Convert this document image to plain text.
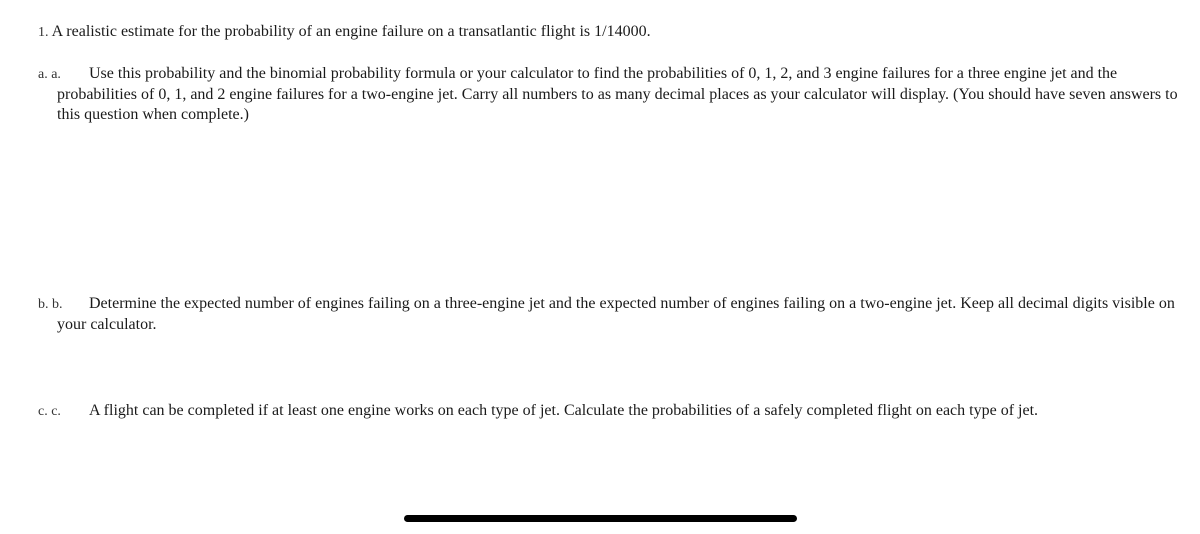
1. A realistic estimate for the probability of an engine failure on a transatlantic flight is 1/14000.
a. a.	Use this probability and the binomial probability formula or your calculator to find the probabilities of 0, 1, 2, and 3 engine failures for a three engine jet and the probabilities of 0, 1, and 2 engine failures for a two-engine jet. Carry all numbers to as many decimal places as your calculator will display. (You should have seven answers to this question when complete.)
b. b.	Determine the expected number of engines failing on a three-engine jet and the expected number of engines failing on a two-engine jet. Keep all decimal digits visible on your calculator.
c. c.	A flight can be completed if at least one engine works on each type of jet. Calculate the probabilities of a safely completed flight on each type of jet.
